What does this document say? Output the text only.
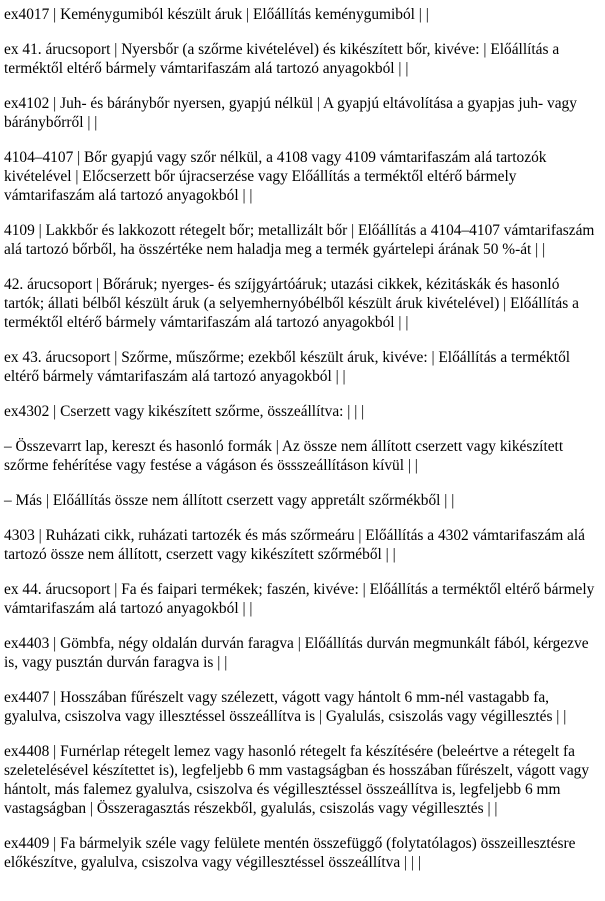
ex4017 | Keménygumiból készült áruk | Előállítás keménygumiból | |

ex 41. árucsoport | Nyersbőr (a szőrme kivételével) és kikészített bőr, kivéve: | Előállítás a terméktől eltérő bármely vámtarifaszám alá tartozó anyagokból | |

ex4102 | Juh- és báránybőr nyersen, gyapjú nélkül | A gyapjú eltávolítása a gyapjas juh- vagy báránybőrről | |

4104–4107 | Bőr gyapjú vagy szőr nélkül, a 4108 vagy 4109 vámtarifaszám alá tartozók kivételével | Előcserzett bőr újracserzése vagy Előállítás a terméktől eltérő bármely vámtarifaszám alá tartozó anyagokból | |

4109 | Lakkbőr és lakkozott rétegelt bőr; metallizált bőr | Előállítás a 4104–4107 vámtarifaszám alá tartozó bőrből, ha összértéke nem haladja meg a termék gyártelepi árának 50 %-át | |

42. árucsoport | Bőráruk; nyerges- és szíjgyártóáruk; utazási cikkek, kézitáskák és hasonló tartók; állati bélből készült áruk (a selyemhernyóbélből készült áruk kivételével) | Előállítás a terméktől eltérő bármely vámtarifaszám alá tartozó anyagokból | |

ex 43. árucsoport | Szőrme, műszőrme; ezekből készült áruk, kivéve: | Előállítás a terméktől eltérő bármely vámtarifaszám alá tartozó anyagokból | |

ex4302 | Cserzett vagy kikészített szőrme, összeállítva: | | |

– Összevarrt lap, kereszt és hasonló formák | Az össze nem állított cserzett vagy kikészített szőrme fehérítése vagy festése a vágáson és össszeállításon kívül | |

– Más | Előállítás össze nem állított cserzett vagy appretált szőrmékből | |

4303 | Ruházati cikk, ruházati tartozék és más szőrmeáru | Előállítás a 4302 vámtarifaszám alá tartozó össze nem állított, cserzett vagy kikészített szőrméből | |

ex 44. árucsoport | Fa és faipari termékek; faszén, kivéve: | Előállítás a terméktől eltérő bármely vámtarifaszám alá tartozó anyagokból | |

ex4403 | Gömbfa, négy oldalán durván faragva | Előállítás durván megmunkált fából, kérgezve is, vagy pusztán durván faragva is | |

ex4407 | Hosszában fűrészelt vagy szélezett, vágott vagy hántolt 6 mm-nél vastagabb fa, gyalulva, csiszolva vagy illesztéssel összeállítva is | Gyalulás, csiszolás vagy végillesztés | |

ex4408 | Furnérlap rétegelt lemez vagy hasonló rétegelt fa készítésére (beleértve a rétegelt fa szeletelésével készítettet is), legfeljebb 6 mm vastagságban és hosszában fűrészelt, vágott vagy hántolt, más falemez gyalulva, csiszolva és végillesztéssel összeállítva is, legfeljebb 6 mm vastagságban | Összeragasztás részekből, gyalulás, csiszolás vagy végillesztés | |

ex4409 | Fa bármelyik széle vagy felülete mentén összefüggő (folytatólagos) összeillesztésre előkészítve, gyalulva, csiszolva vagy végillesztéssel összeállítva | | |
